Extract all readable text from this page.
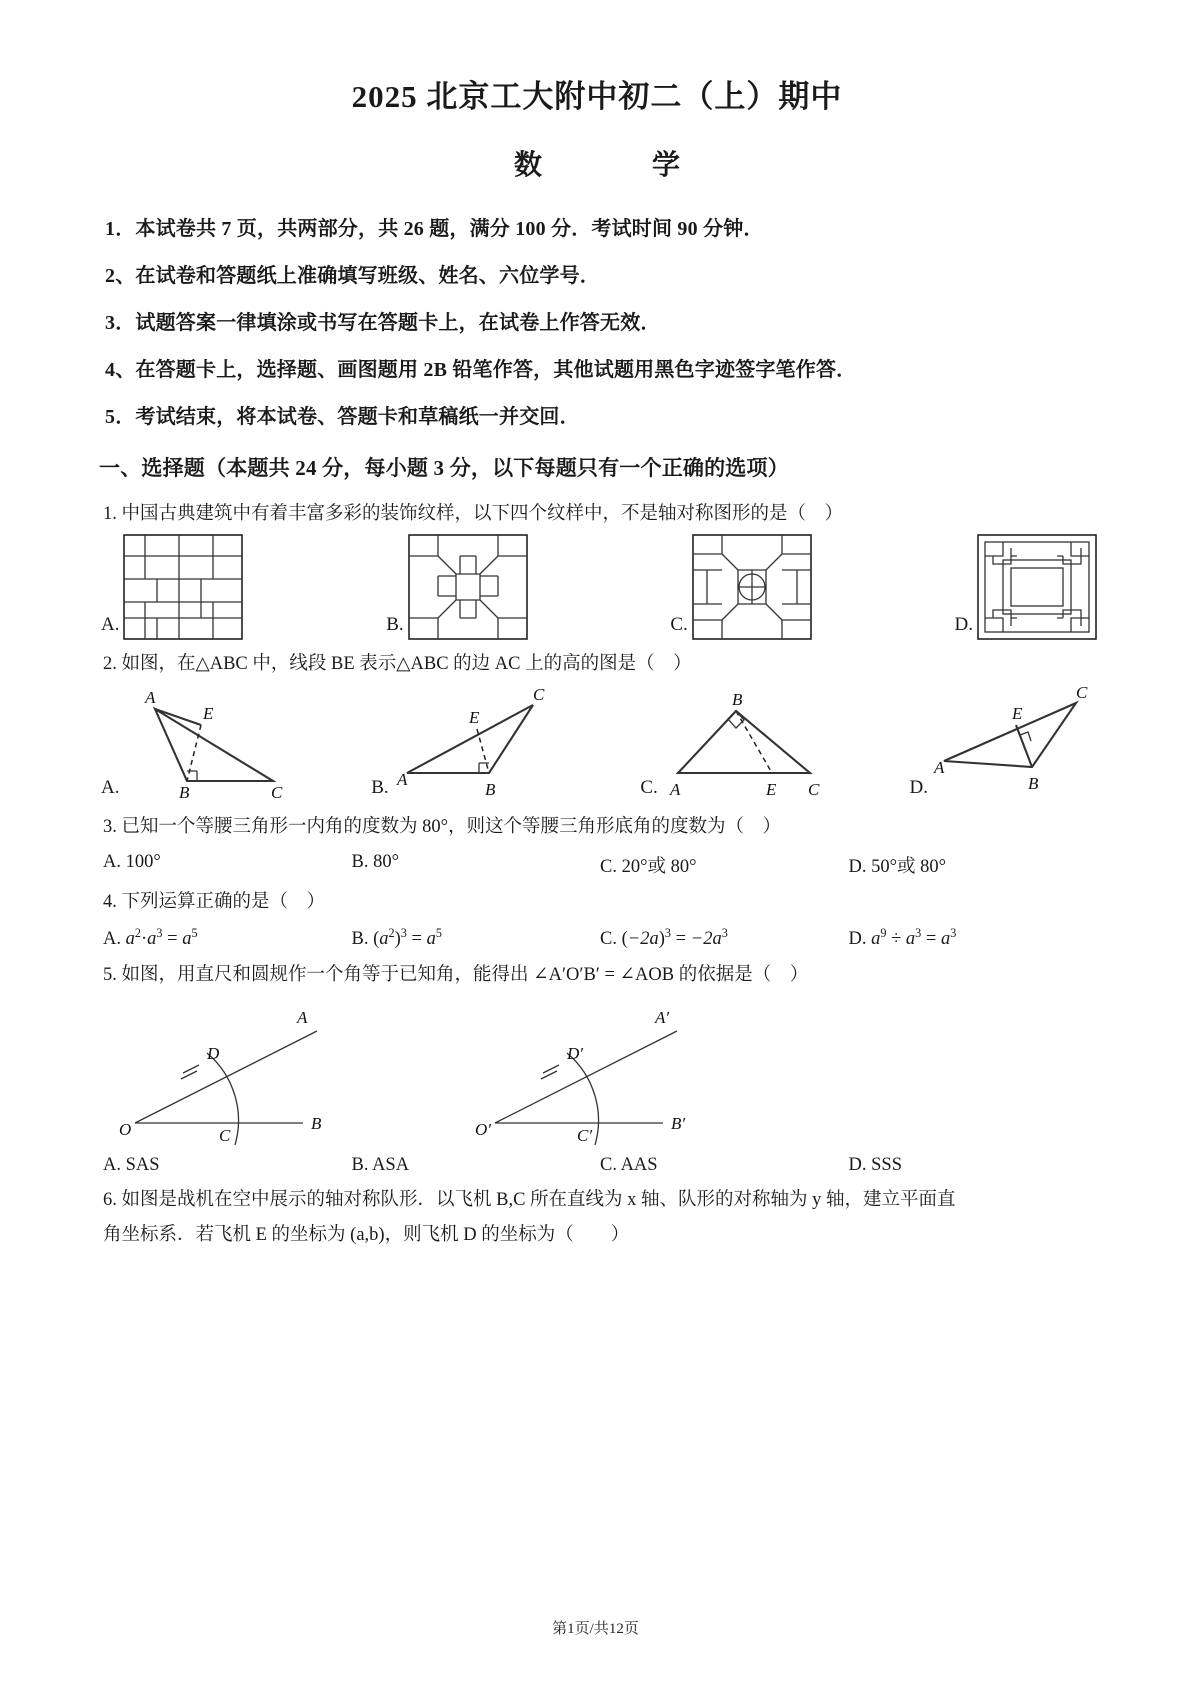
2025 北京工大附中初二（上）期中
数　　学

1．本试卷共 7 页，共两部分，共 26 题，满分 100 分．考试时间 90 分钟．

2、在试卷和答题纸上准确填写班级、姓名、六位学号．

3．试题答案一律填涂或书写在答题卡上，在试卷上作答无效．

4、在答题卡上，选择题、画图题用 2B 铅笔作答，其他试题用黑色字迹签字笔作答．

5．考试结束，将本试卷、答题卡和草稿纸一并交回．

一、选择题（本题共 24 分，每小题 3 分，以下每题只有一个正确的选项）

1. 中国古典建筑中有着丰富多彩的装饰纹样，以下四个纹样中，不是轴对称图形的是（　）

A.	B.	C.	D.

2. 如图，在△ABC 中，线段 BE 表示△ABC 的边 AC 上的高的图是（　）

A.
A
E
B	C	B. A
E
B
C
C. A
B
E C	D.
A
E
B
C

3. 已知一个等腰三角形一内角的度数为 80°，则这个等腰三角形底角的度数为（　）

A. 100°	B. 80°	C. 20°或 80°	D. 50°或 80°

4. 下列运算正确的是（　）

A. $a^2\cdot a^3 = a^5$	B. $(a^2)^3 = a^5$	C. $(-2a)^3 = -2a^3$	D. $a^9 \div a^3 = a^3$

5. 如图，用直尺和圆规作一个角等于已知角，能得出 ∠A′O′B′ = ∠AOB 的依据是（　）

A
D
O	C
B
A′
D′
O′	C′
B′
A. SAS	B. ASA	C. AAS	D. SSS

6. 如图是战机在空中展示的轴对称队形．以飞机 B,C 所在直线为 x 轴、队形的对称轴为 y 轴，建立平面直

角坐标系．若飞机 E 的坐标为 (a,b)，则飞机 D 的坐标为（　　）

第1页/共12页
